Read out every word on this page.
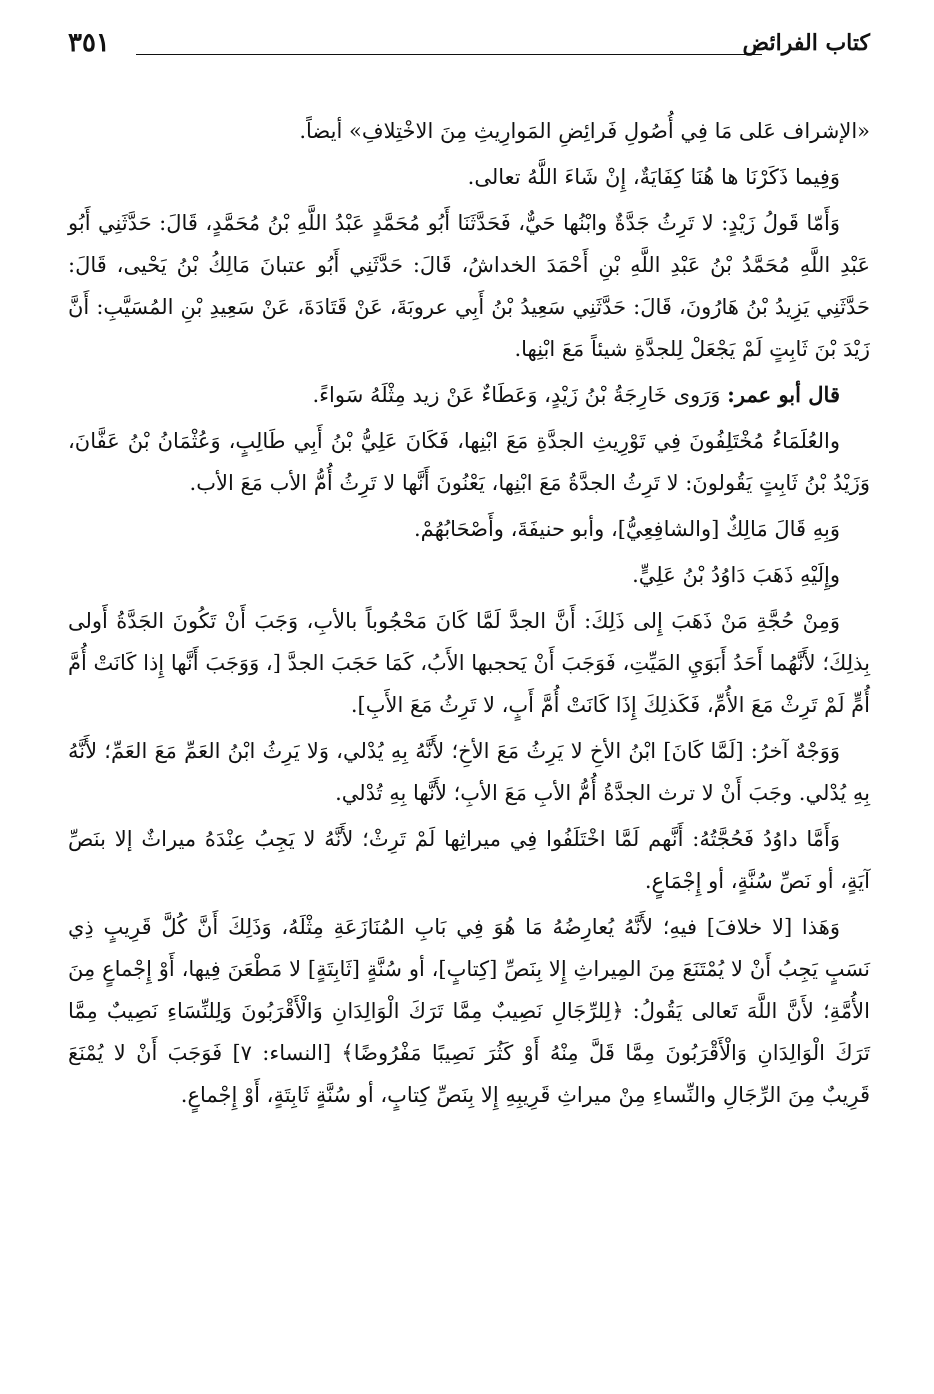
كتاب الفرائض
٣٥١

«الإشراف عَلى مَا فِي أُصُولِ فَرائِضِ المَوارِيثِ مِنَ الاخْتِلافِ» أيضاً.

وَفِيما ذَكَرْنَا ها هُنَا كِفَايَةٌ، إِنْ شَاءَ اللَّهُ تعالى.

وَأَمّا قَولُ زَيْدٍ: لا تَرِثُ جَدَّةٌ وابْنُها حَيٌّ، فَحَدَّثَنَا أَبُو مُحَمَّدٍ عَبْدُ اللَّهِ بْنُ مُحَمَّدٍ، قَالَ: حَدَّثَنِي أَبُو عَبْدِ اللَّهِ مُحَمَّدُ بْنُ عَبْدِ اللَّهِ بْنِ أَحْمَدَ الخداشُ، قَالَ: حَدَّثَنِي أَبُو عتبانَ مَالِكُ بْنُ يَحْيى، قَالَ: حَدَّثَنِي يَزِيدُ بْنُ هَارُونَ، قَالَ: حَدَّثَنِي سَعِيدُ بْنُ أَبِي عروبَةَ، عَنْ قَتَادَةَ، عَنْ سَعِيدِ بْنِ المُسَيَّبِ: أَنَّ زَيْدَ بْنَ ثَابِتٍ لَمْ يَجْعَلْ لِلجدَّةِ شيئاً مَعَ ابْنِها.

قال أبو عمر: وَرَوى خَارِجَةُ بْنُ زَيْدٍ، وَعَطَاءٌ عَنْ زيد مِثْلَهُ سَواءً.

والعُلَمَاءُ مُخْتَلِفُونَ فِي تَوْرِيثِ الجدَّةِ مَعَ ابْنِها، فَكَانَ عَلِيُّ بْنُ أَبِي طَالِبٍ، وَعُثْمَانُ بْنُ عَفَّانَ، وَزَيْدُ بْنُ ثَابِتٍ يَقُولونَ: لا تَرِثُ الجدَّةُ مَعَ ابْنِها، يَعْنُونَ أَنَّها لا تَرِثُ أُمُّ الأب مَعَ الأب.

وَبِهِ قَالَ مَالِكٌ [والشافِعِيُّ]، وأبو حنيفَةَ، وأَصْحَابُهُمْ.

وإِلَيْهِ ذَهَبَ دَاوُدُ بْنُ عَلِيٍّ.

وَمِنْ حُجَّةِ مَنْ ذَهَبَ إِلى ذَلِكَ: أَنَّ الجدَّ لَمَّا كَانَ مَحْجُوباً بالأبِ، وَجَبَ أَنْ تَكُونَ الجَدَّةُ أَولى بِذلِكَ؛ لأَنَّهُما أَحَدُ أَبَوَيِ المَيِّتِ، فَوَجَبَ أَنْ يَحجبها الأَبُ، كَمَا حَجَبَ الجدَّ [، وَوَجَبَ أَنَّها إِذا كَانَتْ أُمَّ أُمٍّ لَمْ تَرِثْ مَعَ الأُمِّ، فَكَذلِكَ إِذَا كَانَتْ أُمَّ أَبٍ، لا تَرِثُ مَعَ الأَبِ].

وَوَجْهٌ آخرُ: [لَمَّا كَانَ] ابْنُ الأخِ لا يَرِثُ مَعَ الأخِ؛ لأَنَّهُ بِهِ يُدْلي، وَلا يَرِثُ ابْنُ العَمِّ مَعَ العَمِّ؛ لأَنَّهُ بِهِ يُدْلي. وجَبَ أَنْ لا ترث الجدَّةُ أُمُّ الأبِ مَعَ الأبِ؛ لأَنَّها بِهِ تُدْلي.

وَأَمَّا داوُدُ فَحُجَّتُهُ: أَنَّهم لَمَّا اخْتَلَفُوا فِي ميراثِها لَمْ تَرِثْ؛ لأَنَّهُ لا يَجِبُ عِنْدَهُ ميراثٌ إلا بنَصِّ آيَةٍ، أو نَصِّ سُنَّةٍ، أو إِجْمَاعٍ.

وَهَذا [لا خلافَ] فيهِ؛ لأَنَّهُ يُعارِضُهُ مَا هُوَ فِي بَابِ المُنَازَعَةِ مِثْلَهُ، وَذَلِكَ أَنَّ كُلَّ قَرِيبٍ ذِي نَسَبٍ يَجِبُ أَنْ لا يُمْتَنَعَ مِنَ المِيراثِ إِلا بِنَصِّ [كِتابٍ]، أو سُنَّةٍ [ثَابِتَةٍ] لا مَطْعَنَ فِيها، أَوْ إِجْماعٍ مِنَ الأُمَّةِ؛ لأَنَّ اللَّهَ تَعالى يَقُولُ: ﴿لِلرِّجَالِ نَصِيبٌ مِمَّا تَرَكَ الْوَالِدَانِ وَالْأَقْرَبُونَ وَلِلنِّسَاءِ نَصِيبٌ مِمَّا تَرَكَ الْوَالِدَانِ وَالْأَقْرَبُونَ مِمَّا قَلَّ مِنْهُ أَوْ كَثُرَ نَصِيبًا مَفْرُوضًا﴾ [النساء: ٧] فَوَجَبَ أَنْ لا يُمْنَعَ قَرِيبٌ مِنَ الرِّجَالِ والنِّساءِ مِنْ ميراثِ قَرِيبِهِ إِلا بِنَصِّ كِتابٍ، أو سُنَّةٍ ثَابِتَةٍ، أَوْ إِجْماعٍ.
